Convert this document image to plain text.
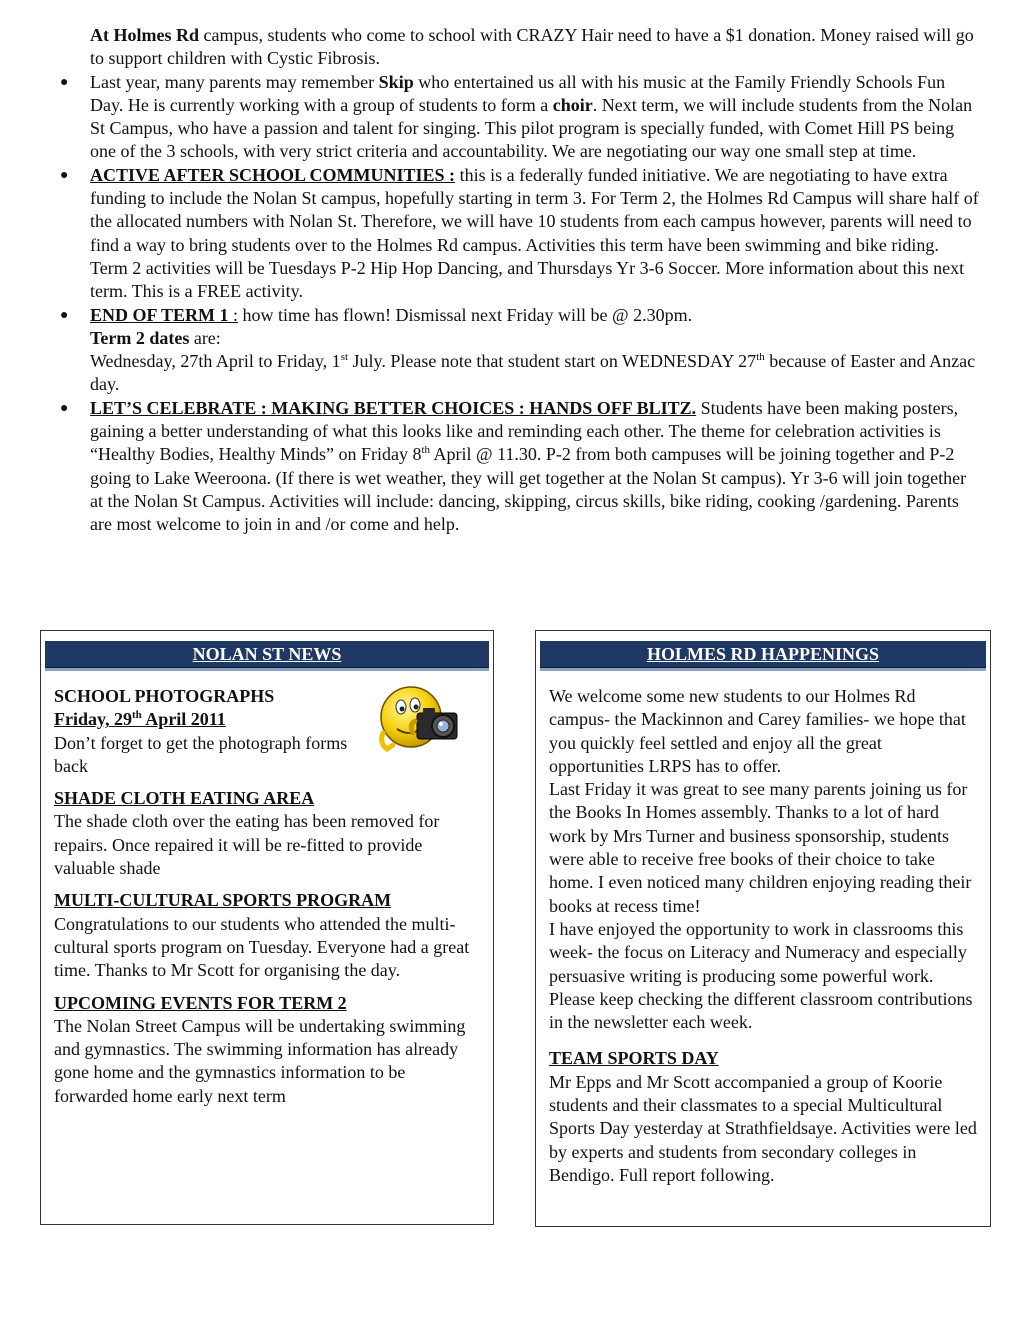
At Holmes Rd campus, students who come to school with CRAZY Hair need to have a $1 donation. Money raised will go to support children with Cystic Fibrosis.

● Last year, many parents may remember Skip who entertained us all with his music at the Family Friendly Schools Fun Day. He is currently working with a group of students to form a choir. Next term, we will include students from the Nolan St Campus, who have a passion and talent for singing. This pilot program is specially funded, with Comet Hill PS being one of the 3 schools, with very strict criteria and accountability. We are negotiating our way one small step at time.

● ACTIVE AFTER SCHOOL COMMUNITIES : this is a federally funded initiative. We are negotiating to have extra funding to include the Nolan St campus, hopefully starting in term 3. For Term 2, the Holmes Rd Campus will share half of the allocated numbers with Nolan St. Therefore, we will have 10 students from each campus however, parents will need to find a way to bring students over to the Holmes Rd campus. Activities this term have been swimming and bike riding. Term 2 activities will be Tuesdays P-2 Hip Hop Dancing, and Thursdays Yr 3-6 Soccer. More information about this next term. This is a FREE activity.

● END OF TERM 1 : how time has flown! Dismissal next Friday will be @ 2.30pm.
Term 2 dates are:
Wednesday, 27th April to Friday, 1st July. Please note that student start on WEDNESDAY 27th because of Easter and Anzac day.

● LET’S CELEBRATE : MAKING BETTER CHOICES : HANDS OFF BLITZ. Students have been making posters, gaining a better understanding of what this looks like and reminding each other. The theme for celebration activities is “Healthy Bodies, Healthy Minds” on Friday 8th April @ 11.30. P-2 from both campuses will be joining together and P-2 going to Lake Weeroona. (If there is wet weather, they will get together at the Nolan St campus). Yr 3-6 will join together at the Nolan St Campus. Activities will include: dancing, skipping, circus skills, bike riding, cooking /gardening. Parents are most welcome to join in and /or come and help.

NOLAN ST NEWS

SCHOOL PHOTOGRAPHS

Friday, 29th April 2011

Don’t forget to get the photograph forms back

SHADE CLOTH EATING AREA

The shade cloth over the eating has been removed for repairs. Once repaired it will be re-fitted to provide valuable shade

MULTI-CULTURAL SPORTS PROGRAM

Congratulations to our students who attended the multi-cultural sports program on Tuesday. Everyone had a great time. Thanks to Mr Scott for organising the day.

UPCOMING EVENTS FOR TERM 2

The Nolan Street Campus will be undertaking swimming and gymnastics. The swimming information has already gone home and the gymnastics information to be forwarded home early next term

HOLMES RD HAPPENINGS

We welcome some new students to our Holmes Rd campus- the Mackinnon and Carey families- we hope that you quickly feel settled and enjoy all the great opportunities LRPS has to offer.

Last Friday it was great to see many parents joining us for the Books In Homes assembly. Thanks to a lot of hard work by Mrs Turner and business sponsorship, students were able to receive free books of their choice to take home. I even noticed many children enjoying reading their books at recess time!

I have enjoyed the opportunity to work in classrooms this week- the focus on Literacy and Numeracy and especially persuasive writing is producing some powerful work. Please keep checking the different classroom contributions in the newsletter each week.

TEAM SPORTS DAY

Mr Epps and Mr Scott accompanied a group of Koorie students and their classmates to a special Multicultural Sports Day yesterday at Strathfieldsaye. Activities were led by experts and students from secondary colleges in Bendigo. Full report following.
